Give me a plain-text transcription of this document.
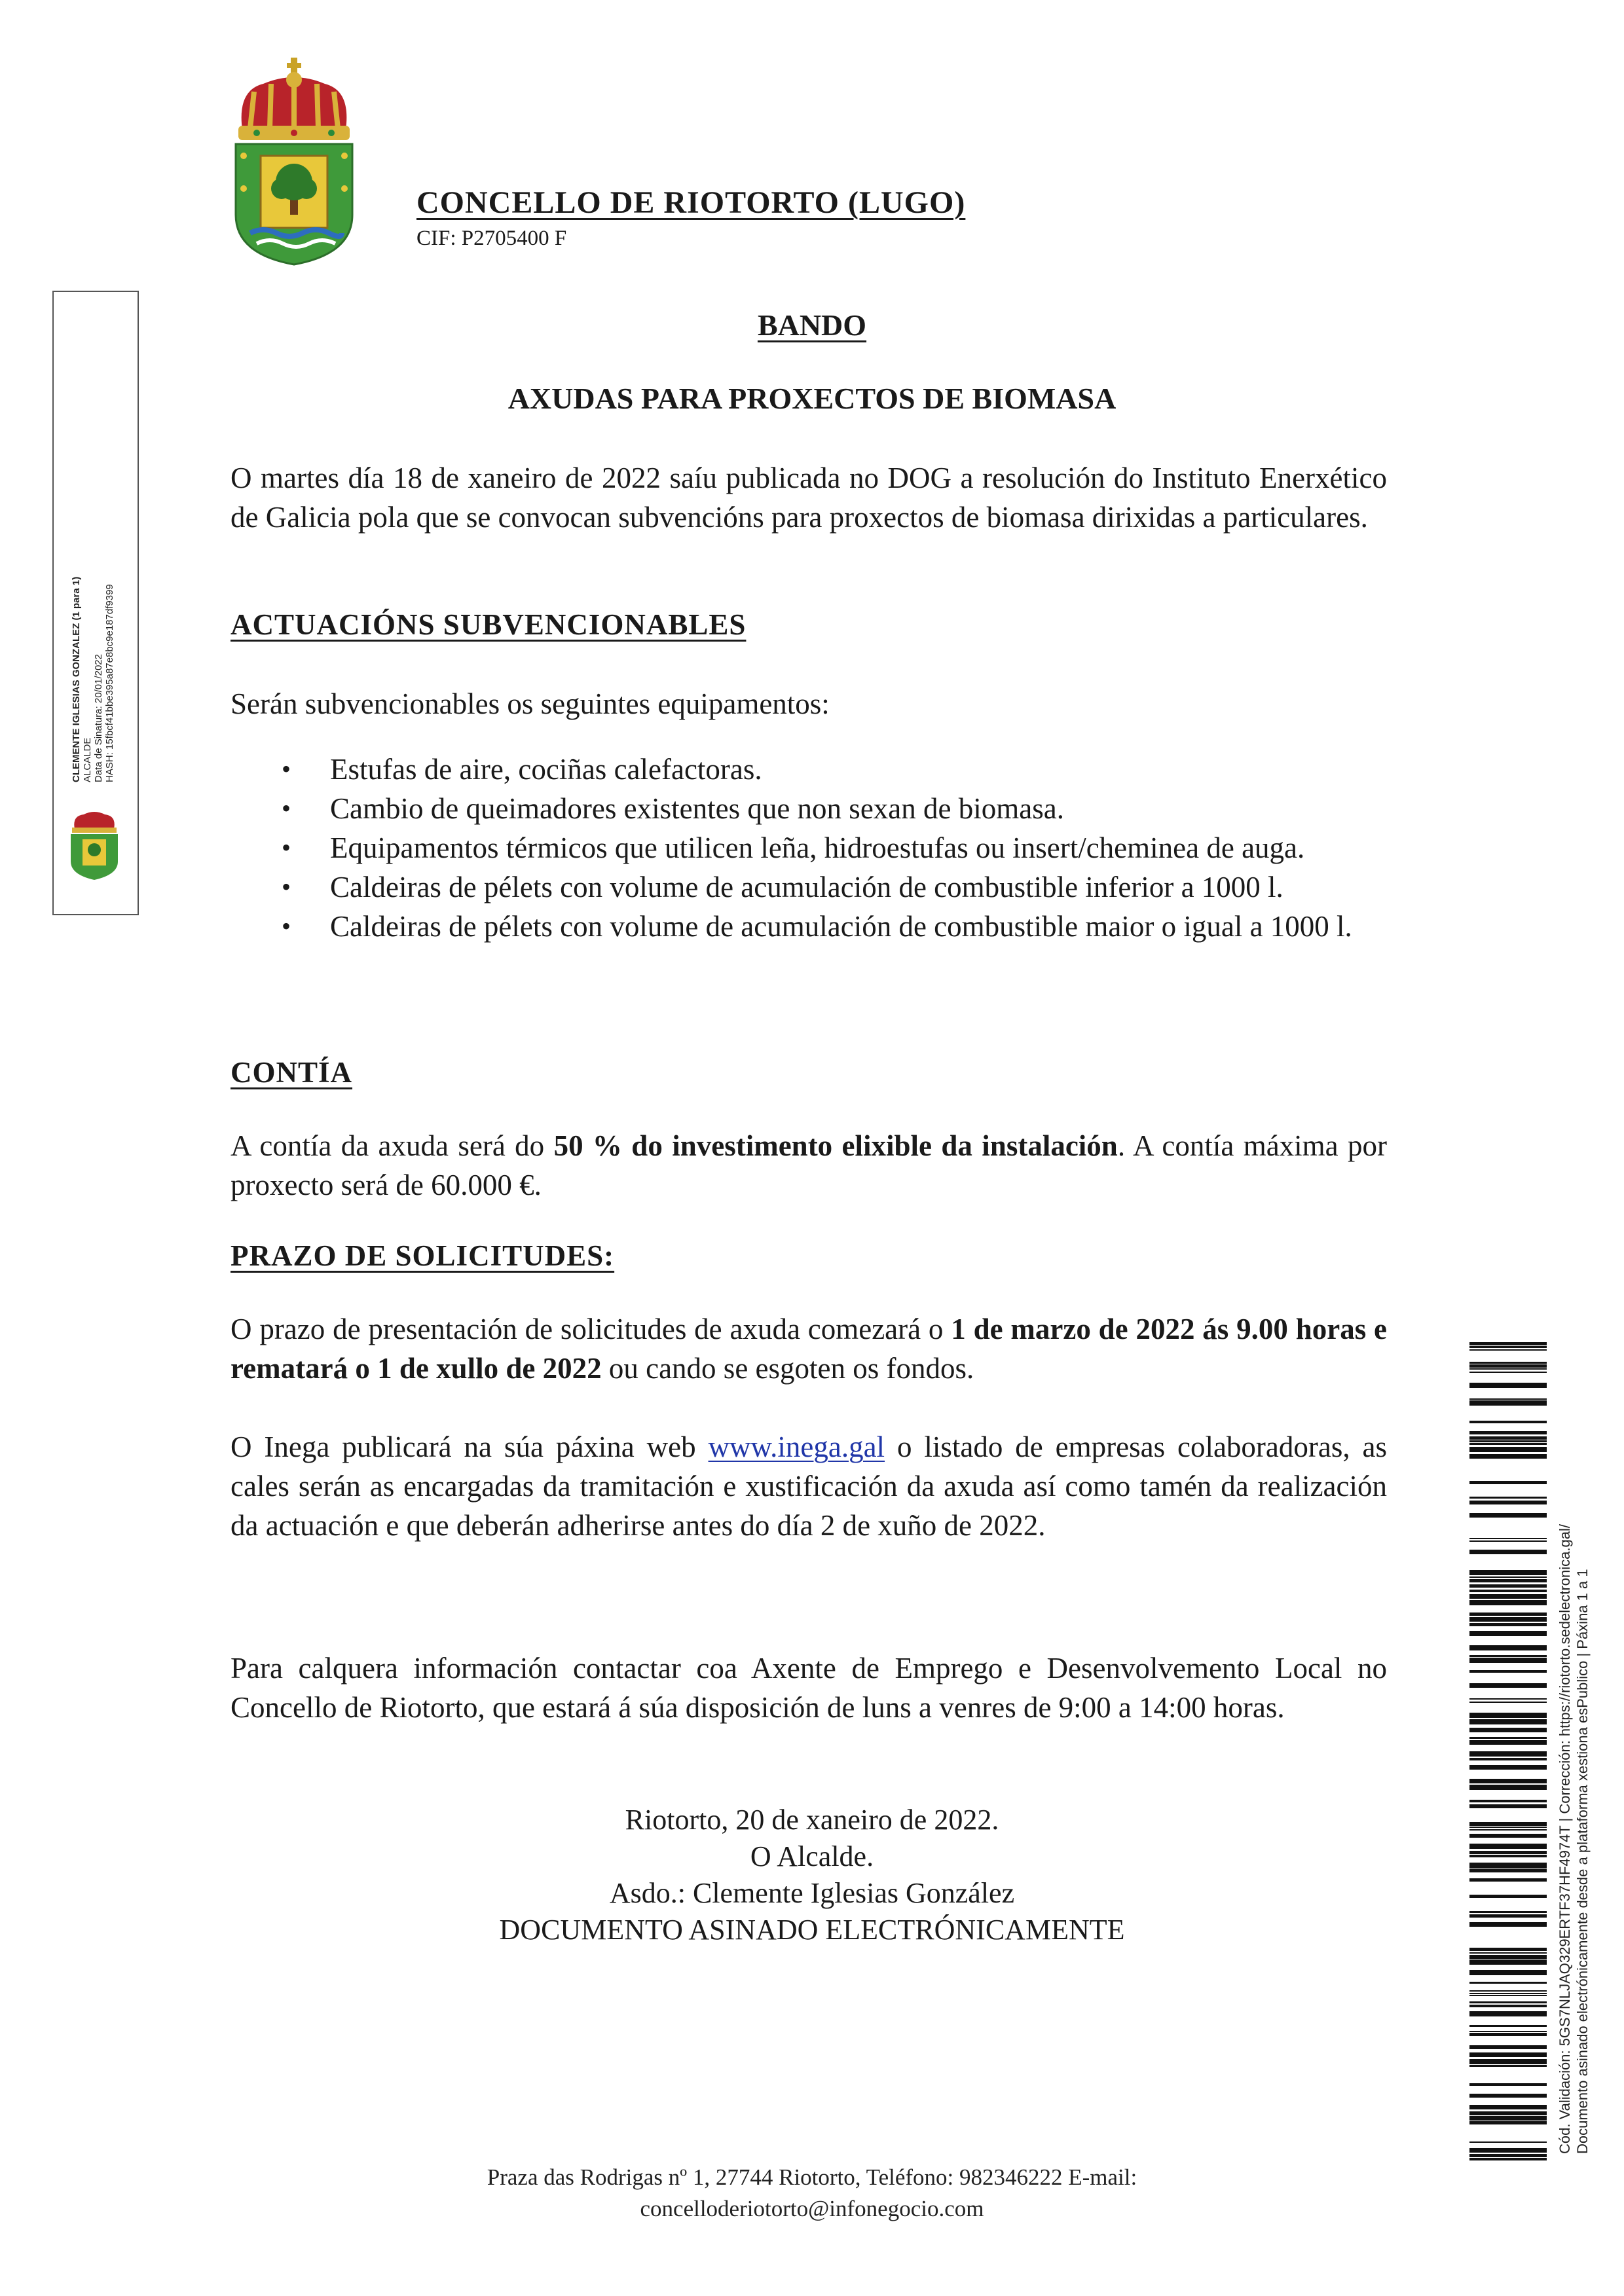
CONCELLO DE RIOTORTO (LUGO)
CIF: P2705400 F
CLEMENTE IGLESIAS GONZALEZ (1 para 1) ALCALDE Data de Sinatura: 20/01/2022 HASH: 15fbcf41bbe395a87e8bc9e187df9399
BANDO
AXUDAS PARA PROXECTOS DE BIOMASA
O martes día 18 de xaneiro de 2022 saíu publicada no DOG a resolución do Instituto Enerxético de Galicia pola que se convocan subvencións para proxectos de biomasa dirixidas a particulares.
ACTUACIÓNS SUBVENCIONABLES
Serán subvencionables os seguintes equipamentos:
• Estufas de aire, cociñas calefactoras.
• Cambio de queimadores existentes que non sexan de biomasa.
• Equipamentos térmicos que utilicen leña, hidroestufas ou insert/cheminea de auga.
• Caldeiras de pélets con volume de acumulación de combustible inferior a 1000 l.
• Caldeiras de pélets con volume de acumulación de combustible maior o igual a 1000 l.
CONTÍA
A contía da axuda será do 50 % do investimento elixible da instalación. A contía máxima por proxecto será de 60.000 €.
PRAZO DE SOLICITUDES:
O prazo de presentación de solicitudes de axuda comezará o 1 de marzo de 2022 ás 9.00 horas e rematará o 1 de xullo de 2022 ou cando se esgoten os fondos.
O Inega publicará na súa páxina web www.inega.gal o listado de empresas colaboradoras, as cales serán as encargadas da tramitación e xustificación da axuda así como tamén da realización da actuación e que deberán adherirse antes do día 2 de xuño de 2022.
Para calquera información contactar coa Axente de Emprego e Desenvolvemento Local no Concello de Riotorto, que estará á súa disposición de luns a venres de 9:00 a 14:00 horas.
Riotorto, 20 de xaneiro de 2022.
O Alcalde.
Asdo.: Clemente Iglesias González
DOCUMENTO ASINADO ELECTRÓNICAMENTE
Praza das Rodrigas nº 1, 27744 Riotorto, Teléfono: 982346222 E-mail:
concelloderiotorto@infonegocio.com
Cód. Validación: 5GS7NLJAQ329ERTF37HF4974T | Corrección: https://riotorto.sedelectronica.gal/ Documento asinado electrónicamente desde a plataforma xestiona esPublico | Páxina 1 a 1
